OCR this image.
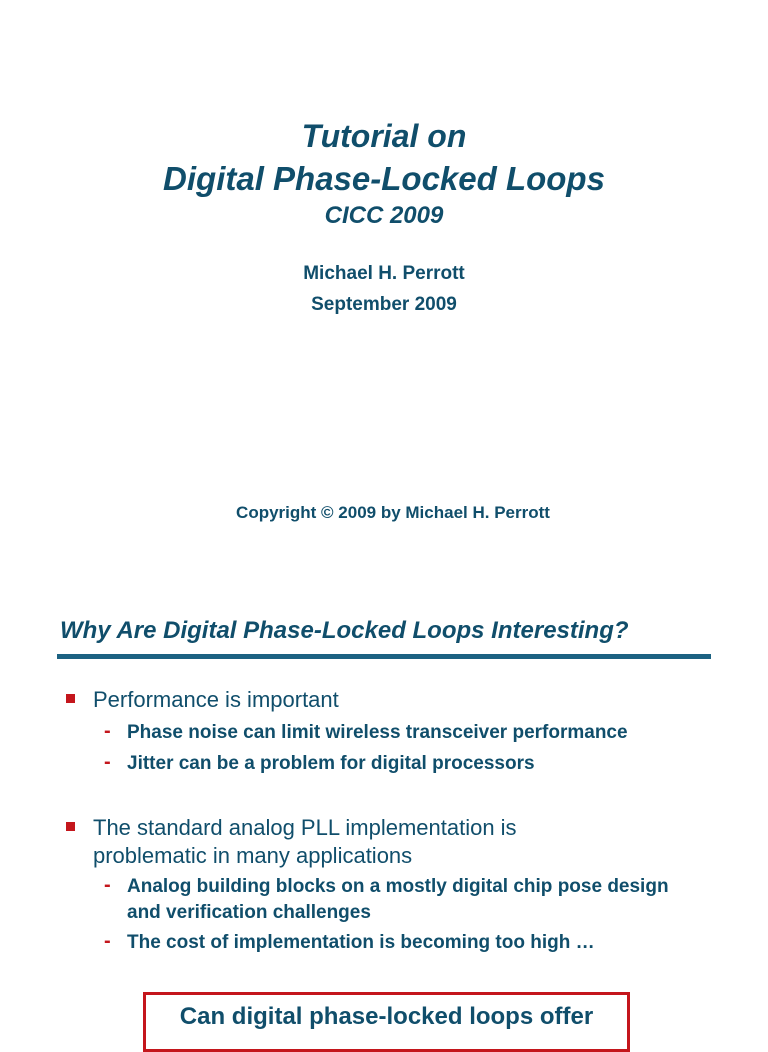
Tutorial on
Digital Phase-Locked Loops
CICC 2009
Michael H. Perrott
September 2009
Copyright © 2009 by Michael H. Perrott
Why Are Digital Phase-Locked Loops Interesting?
Performance is important
- Phase noise can limit wireless transceiver performance
- Jitter can be a problem for digital processors
The standard analog PLL implementation is problematic in many applications
- Analog building blocks on a mostly digital chip pose design and verification challenges
- The cost of implementation is becoming too high …
Can digital phase-locked loops offer
